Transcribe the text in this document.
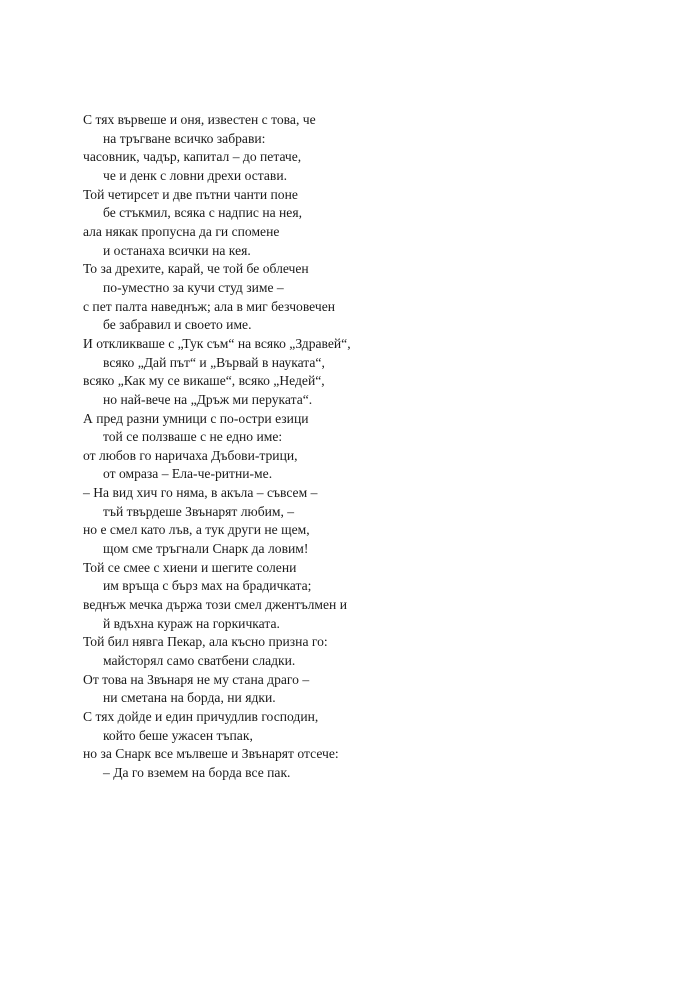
С тях вървеше и оня, известен с това, че
на тръгване всичко забрави:
часовник, чадър, капитал – до петаче,
че и денк с ловни дрехи остави.
Той четирсет и две пътни чанти поне
бе стъкмил, всяка с надпис на нея,
ала някак пропусна да ги спомене
и останаха всички на кея.
То за дрехите, карай, че той бе облечен
по-уместно за кучи студ зиме –
с пет палта наведнъж; ала в миг безчовечен
бе забравил и своето име.
И откликваше с „Тук съм“ на всяко „Здравей“,
всяко „Дай път“ и „Вървай в науката“,
всяко „Как му се викаше“, всяко „Недей“,
но най-вече на „Дръж ми перуката“.
А пред разни умници с по-остри езици
той се ползваше с не едно име:
от любов го наричаха Дъбови-трици,
от омраза – Ела-че-ритни-ме.
– На вид хич го няма, в акъла – съвсем –
тъй твърдеше Звънарят любим, –
но е смел като лъв, а тук други не щем,
щом сме тръгнали Снарк да ловим!
Той се смее с хиени и шегите солени
им връща с бърз мах на брадичката;
веднъж мечка държа този смел джентълмен и
й вдъхна кураж на горкичката.
Той бил нявга Пекар, ала късно призна го:
майсторял само сватбени сладки.
От това на Звънаря не му стана драго –
ни сметана на борда, ни ядки.
С тях дойде и един причудлив господин,
който беше ужасен тъпак,
но за Снарк все мълвеше и Звънарят отсече:
– Да го вземем на борда все пак.
